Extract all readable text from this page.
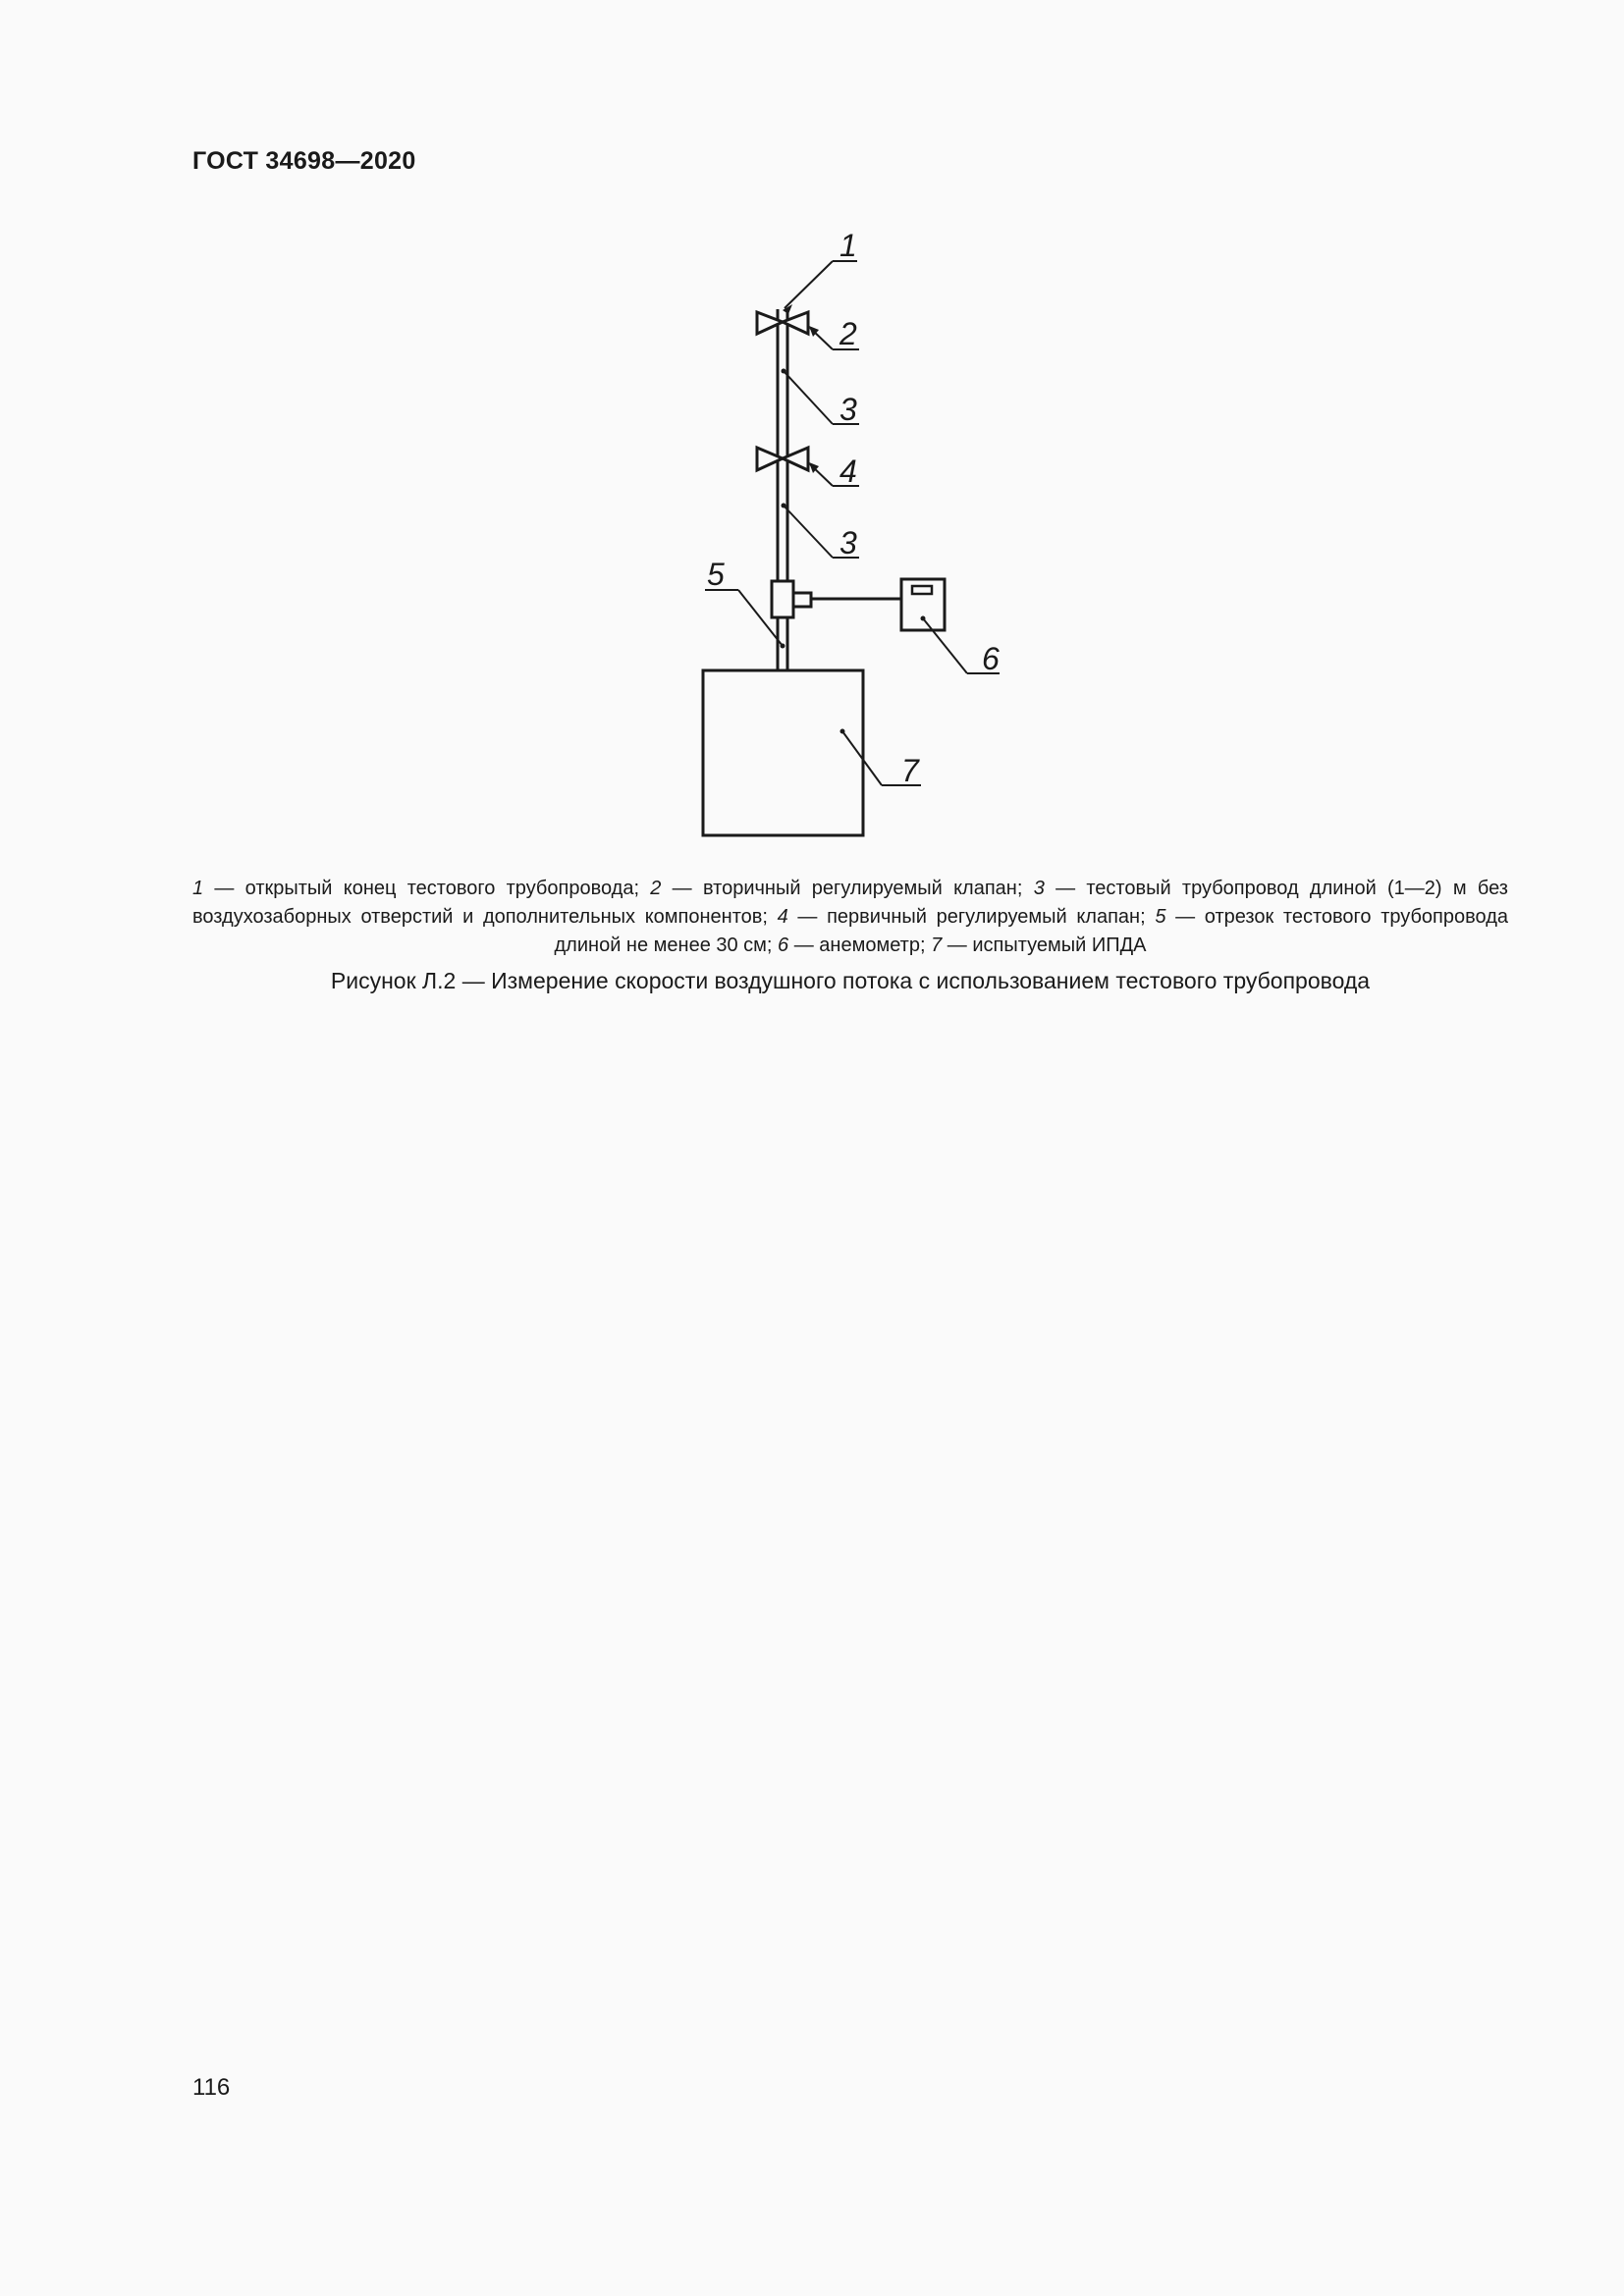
ГОСТ 34698—2020
1
2
3
4
3
5
6
7
1 — открытый конец тестового трубопровода; 2 — вторичный регулируемый клапан; 3 — тестовый трубопровод длиной (1—2) м без воздухозаборных отверстий и дополнительных компонентов; 4 — первичный регулируемый клапан; 5 — отрезок тестового трубопровода длиной не менее 30 см; 6 — анемометр; 7 — испытуемый ИПДА
Рисунок Л.2 — Измерение скорости воздушного потока с использованием тестового трубопровода
116
